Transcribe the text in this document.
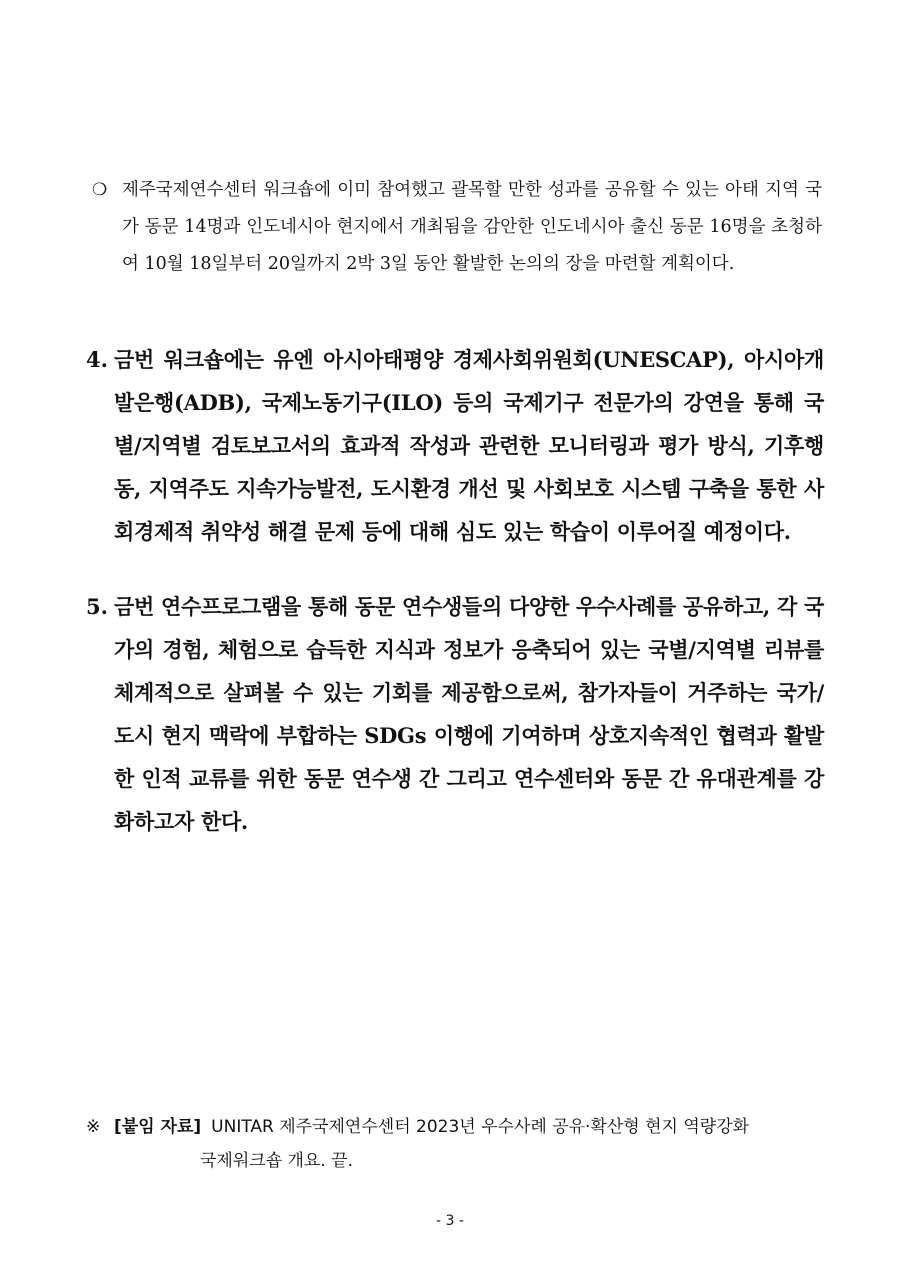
❍ 제주국제연수센터 워크숍에 이미 참여했고 괄목할 만한 성과를 공유할 수 있는 아태 지역 국가 동문 14명과 인도네시아 현지에서 개최됨을 감안한 인도네시아 출신 동문 16명을 초청하여 10월 18일부터 20일까지 2박 3일 동안 활발한 논의의 장을 마련할 계획이다.

4. 금번 워크숍에는 유엔 아시아태평양 경제사회위원회(UNESCAP), 아시아개발은행(ADB), 국제노동기구(ILO) 등의 국제기구 전문가의 강연을 통해 국별/지역별 검토보고서의 효과적 작성과 관련한 모니터링과 평가 방식, 기후행동, 지역주도 지속가능발전, 도시환경 개선 및 사회보호 시스템 구축을 통한 사회경제적 취약성 해결 문제 등에 대해 심도 있는 학습이 이루어질 예정이다.

5. 금번 연수프로그램을 통해 동문 연수생들의 다양한 우수사례를 공유하고, 각 국가의 경험, 체험으로 습득한 지식과 정보가 응축되어 있는 국별/지역별 리뷰를 체계적으로 살펴볼 수 있는 기회를 제공함으로써, 참가자들이 거주하는 국가/도시 현지 맥락에 부합하는 SDGs 이행에 기여하며 상호지속적인 협력과 활발한 인적 교류를 위한 동문 연수생 간 그리고 연수센터와 동문 간 유대관계를 강화하고자 한다.

※ [붙임 자료] UNITAR 제주국제연수센터 2023년 우수사례 공유·확산형 현지 역량강화

국제워크숍 개요. 끝.
- 3 -
